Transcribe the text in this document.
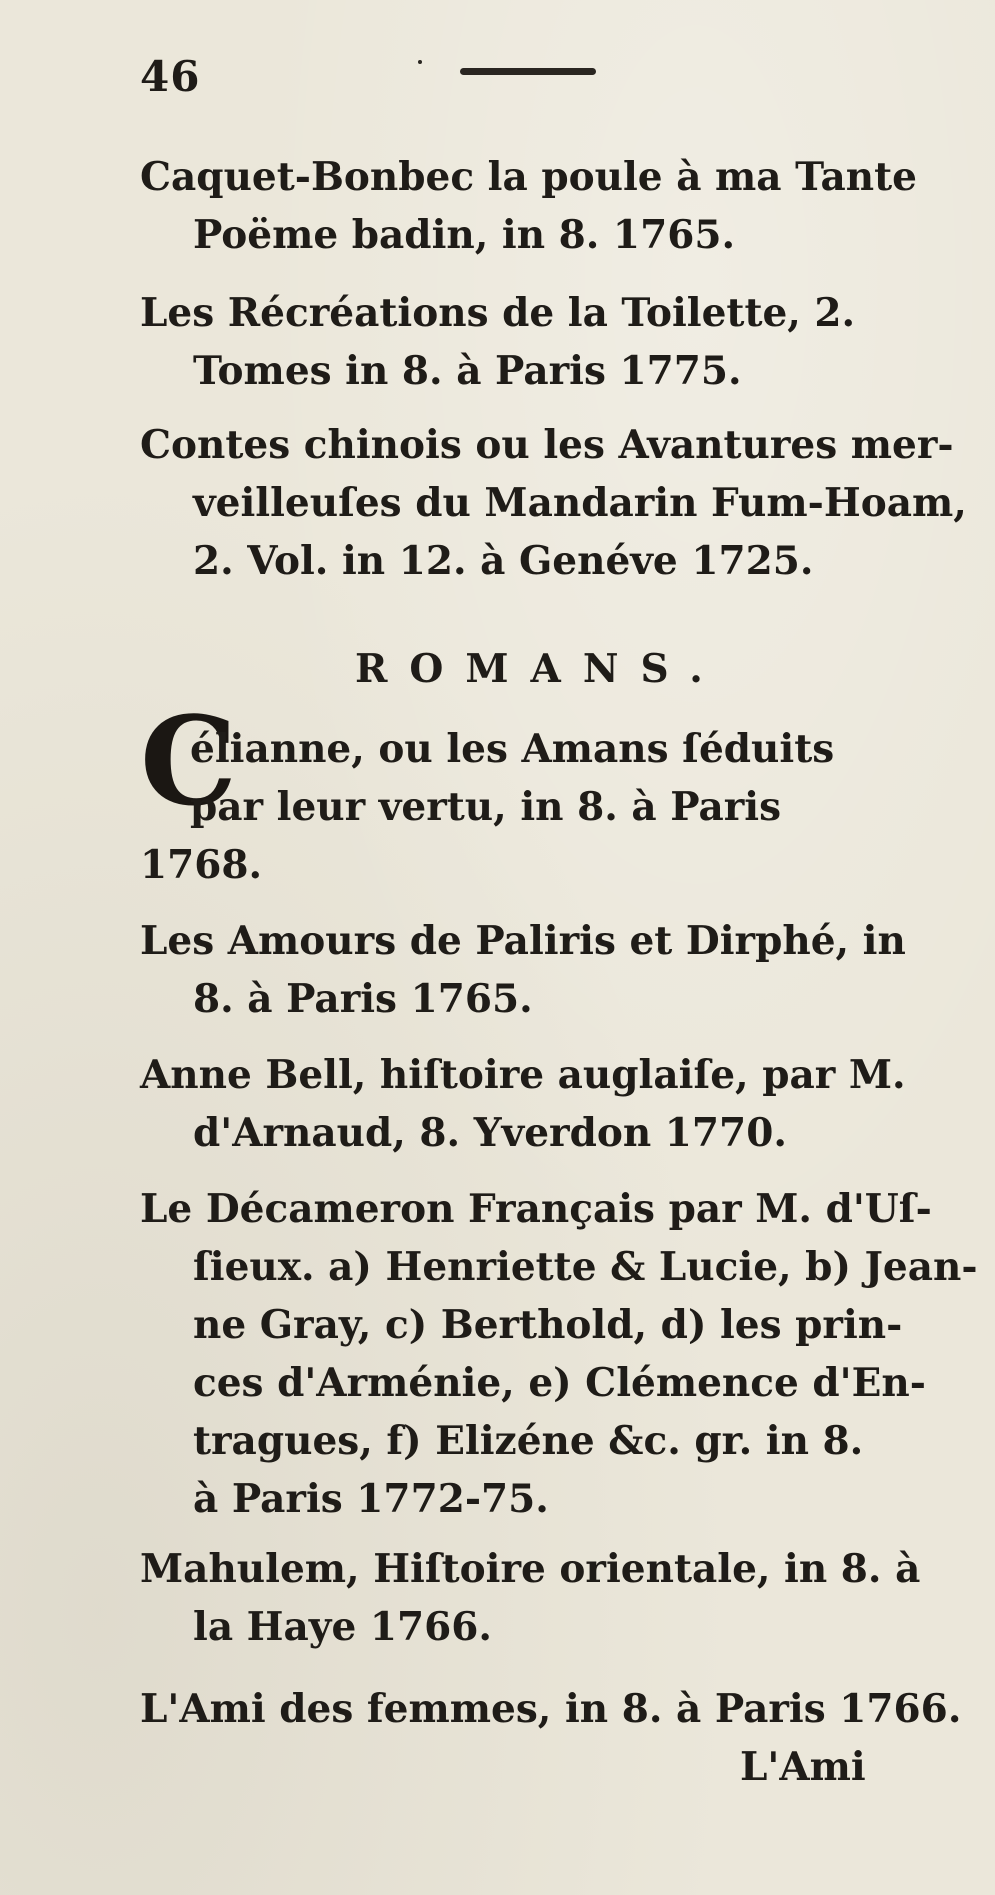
46
Caquet-Bonbec la poule à ma Tante
Poëme badin, in 8. 1765.
Les Récréations de la Toilette, 2.
Tomes in 8. à Paris 1775.
Contes chinois ou les Avantures mer-
veilleuſes du Mandarin Fum-Hoam,
2. Vol. in 12. à Genéve 1725.
ROMANS.
C
élianne, ou les Amans ſéduits
par leur vertu, in 8. à Paris
1768.
Les Amours de Paliris et Dirphé, in
8. à Paris 1765.
Anne Bell, hiſtoire auglaiſe, par M.
d'Arnaud, 8. Yverdon 1770.
Le Décameron Français par M. d'Uſ-
ſieux. a) Henriette & Lucie, b) Jean-
ne Gray, c) Berthold, d) les prin-
ces d'Arménie, e) Clémence d'En-
tragues, f) Elizéne &c. gr. in 8.
à Paris 1772-75.
Mahulem, Hiſtoire orientale, in 8. à
la Haye 1766.
L'Ami des femmes, in 8. à Paris 1766.
L'Ami
